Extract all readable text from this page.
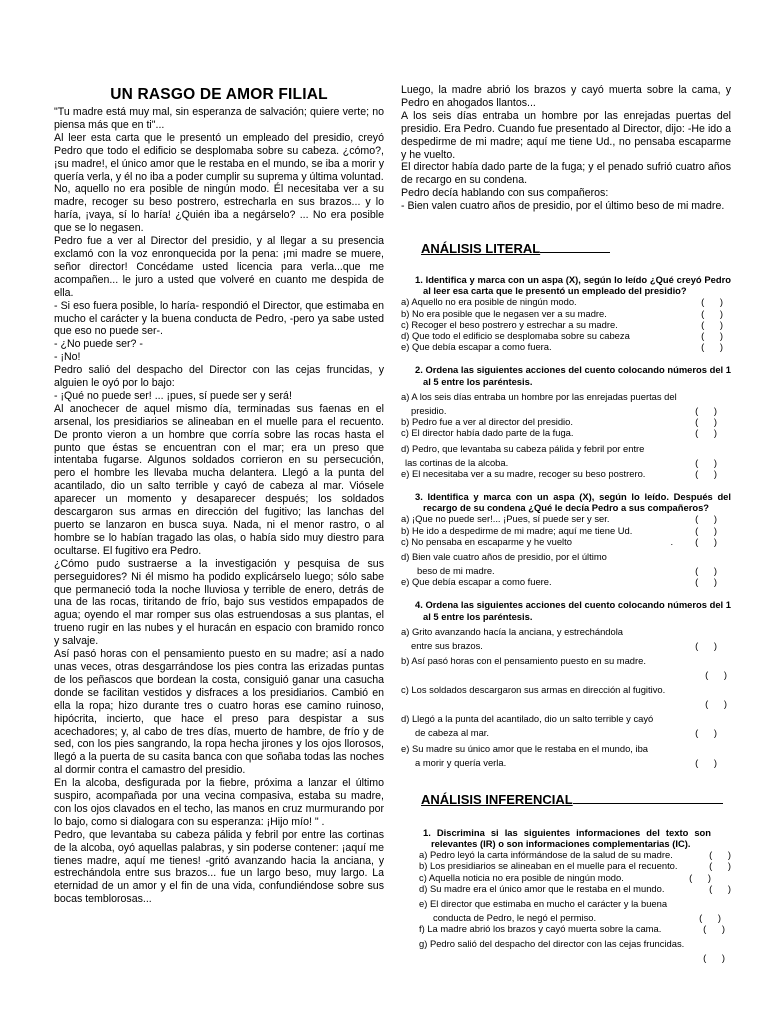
UN RASGO DE AMOR FILIAL

"Tu madre está muy mal, sin esperanza de salvación; quiere verte; no piensa más que en ti"...

Al leer esta carta que le presentó un empleado del presidio, creyó Pedro que todo el edificio se desplomaba sobre su cabeza. ¿cómo?, ¡su madre!, el único amor que le restaba en el mundo, se iba a morir y quería verla, y él no iba a poder cumplir su suprema y última voluntad.

No, aquello no era posible de ningún modo. Él necesitaba ver a su madre, recoger su beso postrero, estrecharla en sus brazos... y lo haría, ¡vaya, sí lo haría! ¿Quién iba a negárselo? ... No era posible que se lo negasen.

Pedro fue a ver al Director del presidio, y al llegar a su presencia exclamó con la voz enronquecida por la pena: ¡mi madre se muere, señor director! Concédame usted licencia para verla...que me acompañen... le juro a usted que volveré en cuanto me despida de ella.

- Si eso fuera posible, lo haría- respondió el Director, que estimaba en mucho el carácter y la buena conducta de Pedro, -pero ya sabe usted que eso no puede ser-.

- ¿No puede ser? -

- ¡No!

Pedro salió del despacho del Director con las cejas fruncidas, y alguien le oyó por lo bajo:

- ¡Qué no puede ser! ... ¡pues, sí puede ser y será!

Al anochecer de aquel mismo día, terminadas sus faenas en el arsenal, los presidiarios se alineaban en el muelle para el recuento. De pronto vieron a un hombre que corría sobre las rocas hasta el punto que éstas se encuentran con el mar; era un preso que intentaba fugarse. Algunos soldados corrieron en su persecución, pero el hombre les llevaba mucha delantera. Llegó a la punta del acantilado, dio un salto terrible y cayó de cabeza al mar. Viósele aparecer un momento y desaparecer después; los soldados descargaron sus armas en dirección del fugitivo; las lanchas del puerto se lanzaron en busca suya. Nada, ni el menor rastro, o al hombre se lo habían tragado las olas, o había sido muy diestro para ocultarse. El fugitivo era Pedro.

¿Cómo pudo sustraerse a la investigación y pesquisa de sus perseguidores? Ni él mismo ha podido explicárselo luego; sólo sabe que permaneció toda la noche lluviosa y terrible de enero, detrás de una de las rocas, tiritando de frío, bajo sus vestidos empapados de agua; oyendo el mar romper sus olas estruendosas a sus plantas, el trueno rugir en las nubes y el huracán en espacio con bramido ronco y salvaje.

Así pasó horas con el pensamiento puesto en su madre; así a nado unas veces, otras desgarrándose los pies contra las erizadas puntas de los peñascos que bordean la costa, consiguió ganar una casucha donde se facilitan vestidos y disfraces a los presidiarios. Cambió en ella la ropa; hizo durante tres o cuatro horas ese camino ruinoso, hipócrita, incierto, que hace el preso para despistar a sus acechadores; y, al cabo de tres días, muerto de hambre, de frío y de sed, con los pies sangrando, la ropa hecha jirones y los ojos llorosos, llegó a la puerta de su casita banca con que soñaba todas las noches al dormir contra el camastro del presidio.

En la alcoba, desfigurada por la fiebre, próxima a lanzar el último suspiro, acompañada por una vecina compasiva, estaba su madre, con los ojos clavados en el techo, las manos en cruz murmurando por lo bajo, como si dialogara con su esperanza: ¡Hijo mío! " .

Pedro, que levantaba su cabeza pálida y febril por entre las cortinas de la alcoba, oyó aquellas palabras, y sin poderse contener: ¡aquí me tienes madre, aquí me tienes! -gritó avanzando hacia la anciana, y estrechándola entre sus brazos... fue un largo beso, muy largo. La eternidad de un amor y el fin de una vida, confundiéndose sobre sus bocas temblorosas...

Luego, la madre abrió los brazos y cayó muerta sobre la cama, y Pedro en ahogados llantos...

A los seis días entraba un hombre por las enrejadas puertas del presidio. Era Pedro. Cuando fue presentado al Director, dijo: -He ido a despedirme de mi madre; aquí me tiene Ud., no pensaba escaparme y he vuelto.

El director había dado parte de la fuga; y el penado sufrió cuatro años de recargo en su condena.

Pedro decía hablando con sus compañeros:

- Bien valen cuatro años de presidio, por el último beso de mi madre.

ANÁLISIS LITERAL

1. Identifica y marca con un aspa (X), según lo leído ¿Qué creyó Pedro al leer esa carta que le presentó un empleado del presidio?

a) Aquello no era posible de ningún modo.	(      )
b) No era posible que le negasen ver a su madre.	(      )
c) Recoger el beso postrero y estrechar a su madre.	(      )
d) Que todo el edificio se desplomaba sobre su cabeza	(      )
e) Que debía escapar a como fuera.	(      )

2. Ordena las siguientes acciones del cuento colocando números del 1 al 5 entre los paréntesis.

a) A los seis días entraba un hombre por las enrejadas puertas del
presidio.	(      )
b) Pedro fue a ver al director del presidio.	(      )
c) El director había dado parte de la fuga.	(      )
d) Pedro, que levantaba su cabeza pálida y febril por entre
las cortinas de la alcoba.	(      )
e) El necesitaba ver a su madre, recoger su beso postrero.	(      )

3. Identifica y marca con un aspa (X), según lo leído. Después del recargo de su condena ¿Qué le decía Pedro a sus compañeros?

a) ¡Que no puede ser!... ¡Pues, sí puede ser y ser.	(      )
b) He ido a despedirme de mi madre; aquí me tiene Ud.	(      )
c) No pensaba en escaparme y he vuelto	. (      )
d) Bien vale cuatro años de presidio, por el último
beso de mi madre.	(      )
e) Que debía escapar a como fuere.	(      )

4. Ordena las siguientes acciones del cuento colocando números del 1 al 5 entre los paréntesis.

a) Grito avanzando hacía la anciana, y estrechándola
entre sus brazos.	(      )
b) Así pasó horas con el pensamiento puesto en su madre.
(      )
c) Los soldados descargaron sus armas en dirección al fugitivo.
(      )
d) Llegó a la punta del acantilado, dio un salto terrible y cayó
de cabeza al mar.	(      )
e) Su madre su único amor que le restaba en el mundo, iba
a morir y quería verla.	(      )
ANÁLISIS INFERENCIAL

1. Discrimina si las siguientes informaciones del texto son relevantes (IR) o son informaciones complementarias (IC).

a) Pedro leyó la carta infórmándose de la salud de su madre.	(      )
b) Los presidiarios se alineaban en el muelle para el recuento.	(      )
c) Aquella noticia no era posible de ningún modo.	(      )
d) Su madre era el único amor que le restaba en el mundo.	(      )
e) El director que estimaba en mucho el carácter y la buena
conducta de Pedro, le negó el permiso.	(      )
f) La madre abrió los brazos y cayó muerta sobre la cama.	(      )
g) Pedro salió del despacho del director con las cejas fruncidas.
(      )
